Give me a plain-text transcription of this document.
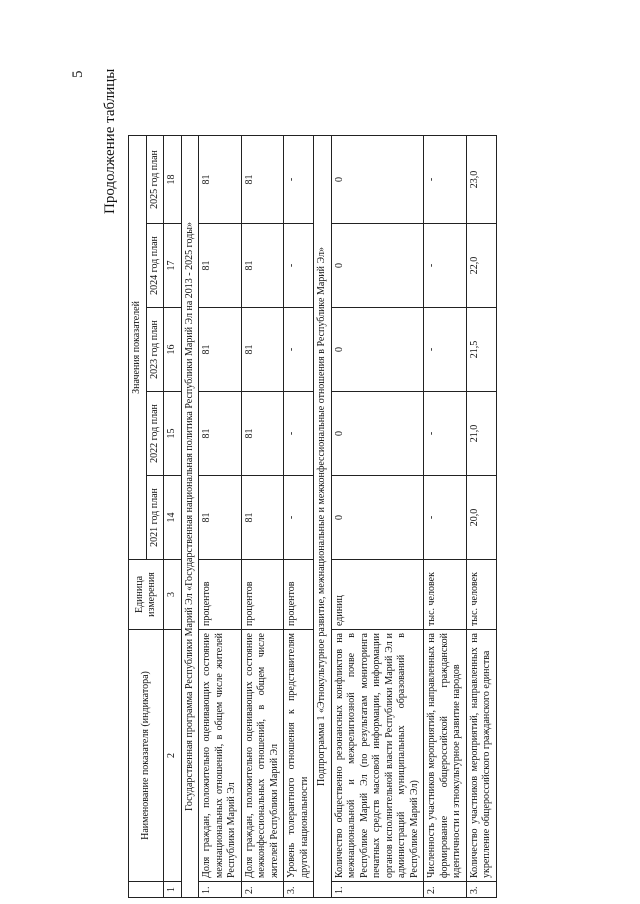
5 Продолжение таблицы
	Наименование показателя (индикатора)	Единица измерения	Значения показателей				
			2021 год план	2022 год план	2023 год план	2024 год план	2025 год план
1	2	3	14	15	16	17	18
Государственная программа Республики Марий Эл «Государственная национальная политика Республики Марий Эл на 2013 - 2025 годы»							
1.	Доля граждан, положительно оценивающих состояние межнациональных отношений, в общем числе жителей Республики Марий Эл	процентов	81	81	81	81	81
2.	Доля граждан, положительно оценивающих состояние межконфессиональных отношений, в общем числе жителей Республики Марий Эл	процентов	81	81	81	81	81
3.	Уровень толерантного отношения к представителям другой национальности	процентов	-	-	-	-	-
Подпрограмма 1 «Этнокультурное развитие, межнациональные и межконфессиональные отношения в Республике Марий Эл»							
1.	Количество общественно резонансных конфликтов на межнациональной и межрелигиозной почве в Республике Марий Эл (по результатам мониторинга печатных средств массовой информации, информации органов исполнительной власти Республики Марий Эл и администраций муниципальных образований в Республике Марий Эл)	единиц	0	0	0	0	0
2.	Численность участников мероприятий, направленных на формирование общероссийской гражданской идентичности и этнокультурное развитие народов	тыс. человек	-	-	-	-	-
3.	Количество участников мероприятий, направленных на укрепление общероссийского гражданского единства	тыс. человек	20,0	21,0	21,5	22,0	23,0
